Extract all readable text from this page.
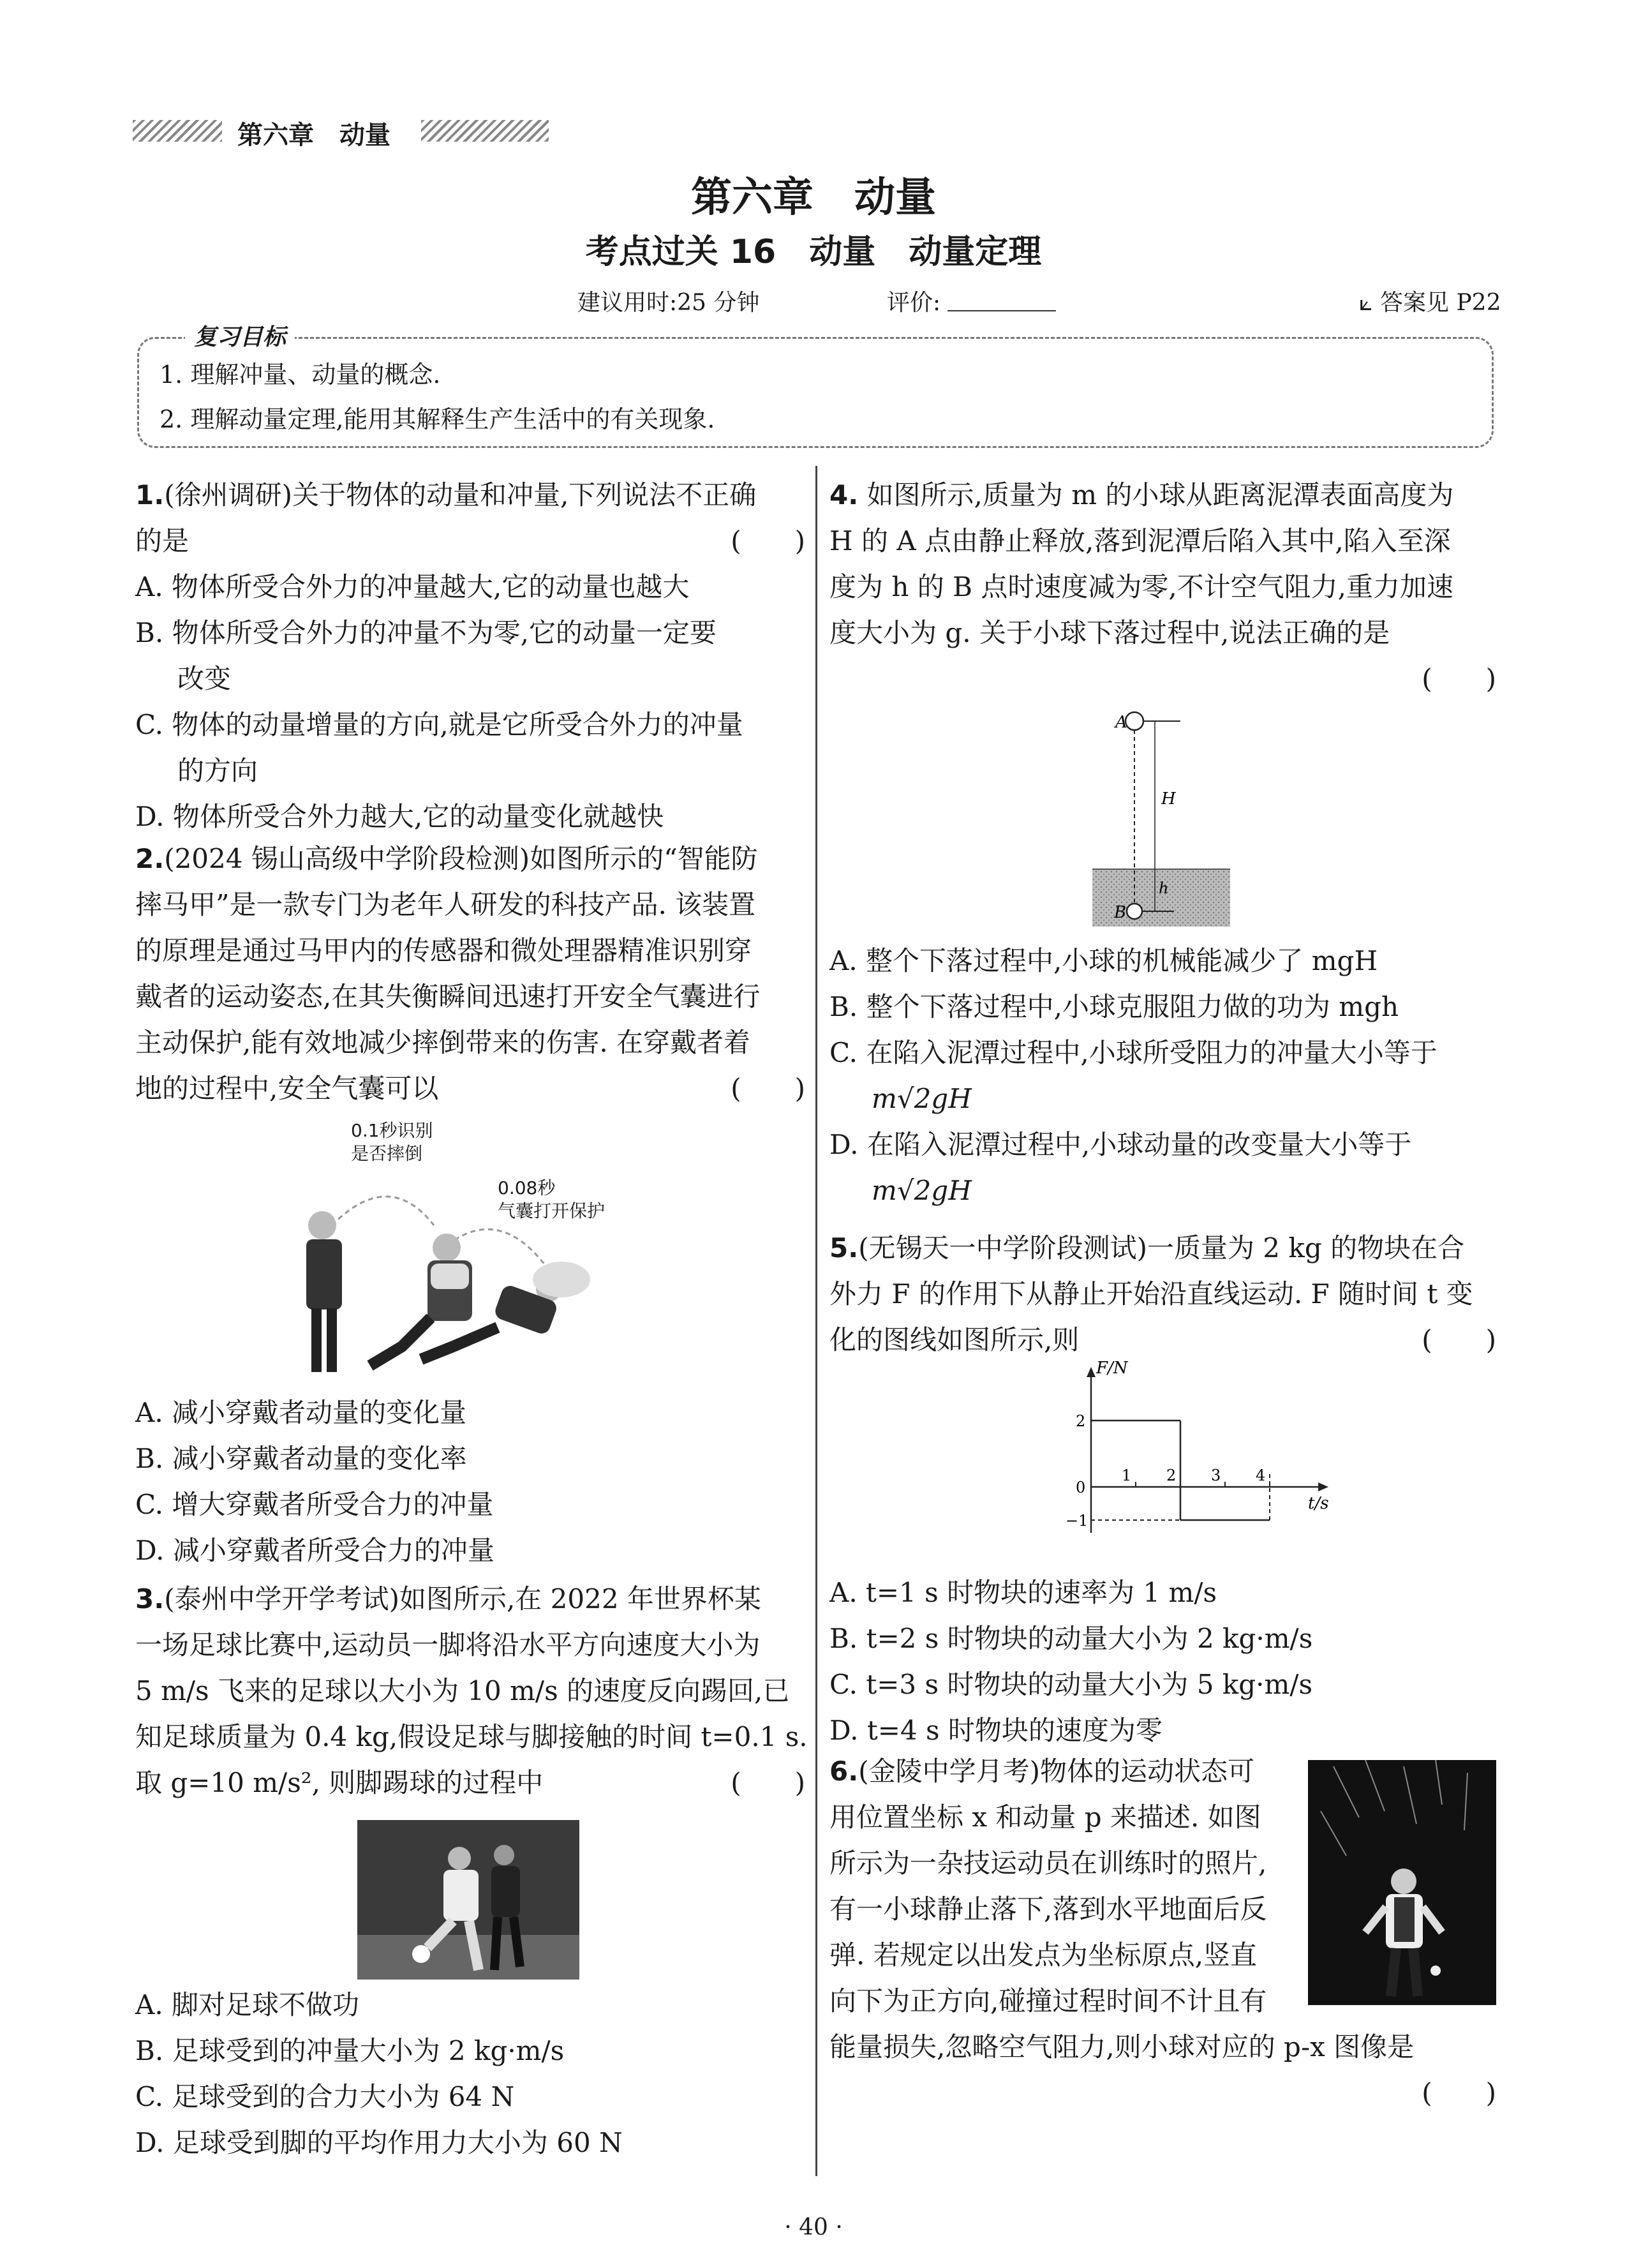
第六章　动量
第六章　动量
考点过关 16　动量　动量定理
建议用时:25 分钟	评价:	⟀ 答案见 P22
复习目标
1. 理解冲量、动量的概念.
2. 理解动量定理,能用其解释生产生活中的有关现象.
1.(徐州调研)关于物体的动量和冲量,下列说法不正确
的是	(　　)
A. 物体所受合外力的冲量越大,它的动量也越大
B. 物体所受合外力的冲量不为零,它的动量一定要
改变
C. 物体的动量增量的方向,就是它所受合外力的冲量
的方向
D. 物体所受合外力越大,它的动量变化就越快
2.(2024 锡山高级中学阶段检测)如图所示的“智能防
摔马甲”是一款专门为老年人研发的科技产品. 该装置
的原理是通过马甲内的传感器和微处理器精准识别穿
戴者的运动姿态,在其失衡瞬间迅速打开安全气囊进行
主动保护,能有效地减少摔倒带来的伤害. 在穿戴者着
地的过程中,安全气囊可以	(　　)
0.1秒识别
是否摔倒
0.08秒
气囊打开保护
A. 减小穿戴者动量的变化量
B. 减小穿戴者动量的变化率
C. 增大穿戴者所受合力的冲量
D. 减小穿戴者所受合力的冲量
3.(泰州中学开学考试)如图所示,在 2022 年世界杯某
一场足球比赛中,运动员一脚将沿水平方向速度大小为
5 m/s 飞来的足球以大小为 10 m/s 的速度反向踢回,已
知足球质量为 0.4 kg,假设足球与脚接触的时间 t=0.1 s.
取 g=10 m/s², 则脚踢球的过程中	(　　)
A. 脚对足球不做功
B. 足球受到的冲量大小为 2 kg·m/s
C. 足球受到的合力大小为 64 N
D. 足球受到脚的平均作用力大小为 60 N
4. 如图所示,质量为 m 的小球从距离泥潭表面高度为
H 的 A 点由静止释放,落到泥潭后陷入其中,陷入至深
度为 h 的 B 点时速度减为零,不计空气阻力,重力加速
度大小为 g. 关于小球下落过程中,说法正确的是
(　　)
A
H
h
B
A. 整个下落过程中,小球的机械能减少了 mgH
B. 整个下落过程中,小球克服阻力做的功为 mgh
C. 在陷入泥潭过程中,小球所受阻力的冲量大小等于
m√2gH
D. 在陷入泥潭过程中,小球动量的改变量大小等于
m√2gH
5.(无锡天一中学阶段测试)一质量为 2 kg 的物块在合
外力 F 的作用下从静止开始沿直线运动. F 随时间 t 变
化的图线如图所示,则	(　　)
1 2 3 4
2
0
−1
F/N
t/s
A. t=1 s 时物块的速率为 1 m/s
B. t=2 s 时物块的动量大小为 2 kg·m/s
C. t=3 s 时物块的动量大小为 5 kg·m/s
D. t=4 s 时物块的速度为零
6.(金陵中学月考)物体的运动状态可
用位置坐标 x 和动量 p 来描述. 如图
所示为一杂技运动员在训练时的照片,
有一小球静止落下,落到水平地面后反
弹. 若规定以出发点为坐标原点,竖直
向下为正方向,碰撞过程时间不计且有
能量损失,忽略空气阻力,则小球对应的 p-x 图像是
(　　)
· 40 ·
